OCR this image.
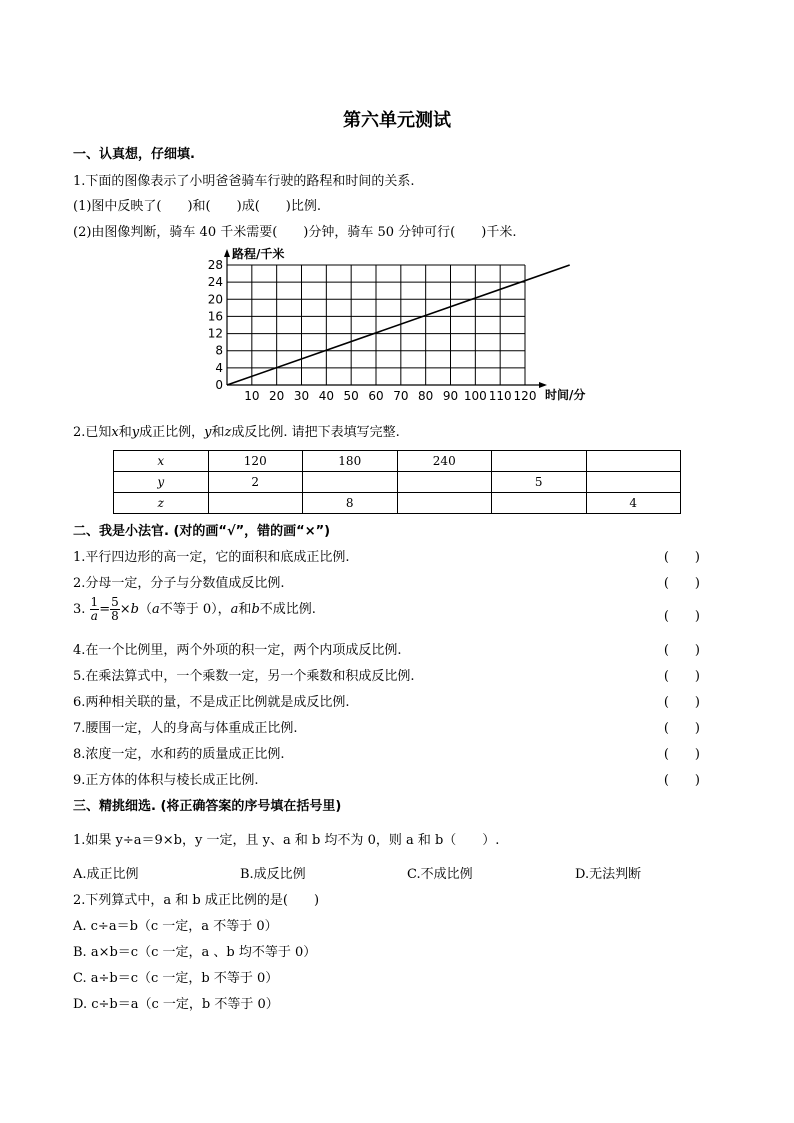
第六单元测试
一、认真想，仔细填.
1.下面的图像表示了小明爸爸骑车行驶的路程和时间的关系.
(1)图中反映了(　　)和(　　)成(　　)比例.
(2)由图像判断，骑车 40 千米需要(　　)分钟，骑车 50 分钟可行(　　)千米.
0
4
8
12
16
20
24
28
10 20 30 40 50 60 70 80 90 100 110 120
路程/千米
时间/分
2.已知x和y成正比例，y和z成反比例. 请把下表填写完整.
x	120	180	240		
y	2			5	
z		8			4
二、我是小法官. (对的画“√”，错的画“×”)
1.平行四边形的高一定，它的面积和底成正比例.	(　　)
2.分母一定，分子与分数值成反比例.	(　　)
3. $\frac{1}{a} = \frac{5}{8} \times b(a$不等于 0），a和b不成比例.	(　　)
4.在一个比例里，两个外项的积一定，两个内项成反比例.	(　　)
5.在乘法算式中，一个乘数一定，另一个乘数和积成反比例.	(　　)
6.两种相关联的量，不是成正比例就是成反比例.	(　　)
7.腰围一定，人的身高与体重成正比例.	(　　)
8.浓度一定，水和药的质量成正比例.	(　　)
9.正方体的体积与棱长成正比例.	(　　)
三、精挑细选. (将正确答案的序号填在括号里)
1.如果 y÷a＝9×b，y 一定，且 y、a 和 b 均不为 0，则 a 和 b（　　）.
A.成正比例	B.成反比例	C.不成比例	D.无法判断
2.下列算式中，a 和 b 成正比例的是(　　)
A. c÷a＝b（c 一定，a 不等于 0）
B. a×b＝c（c 一定，a 、b 均不等于 0）
C. a÷b＝c（c 一定，b 不等于 0）
D. c÷b＝a（c 一定，b 不等于 0）
